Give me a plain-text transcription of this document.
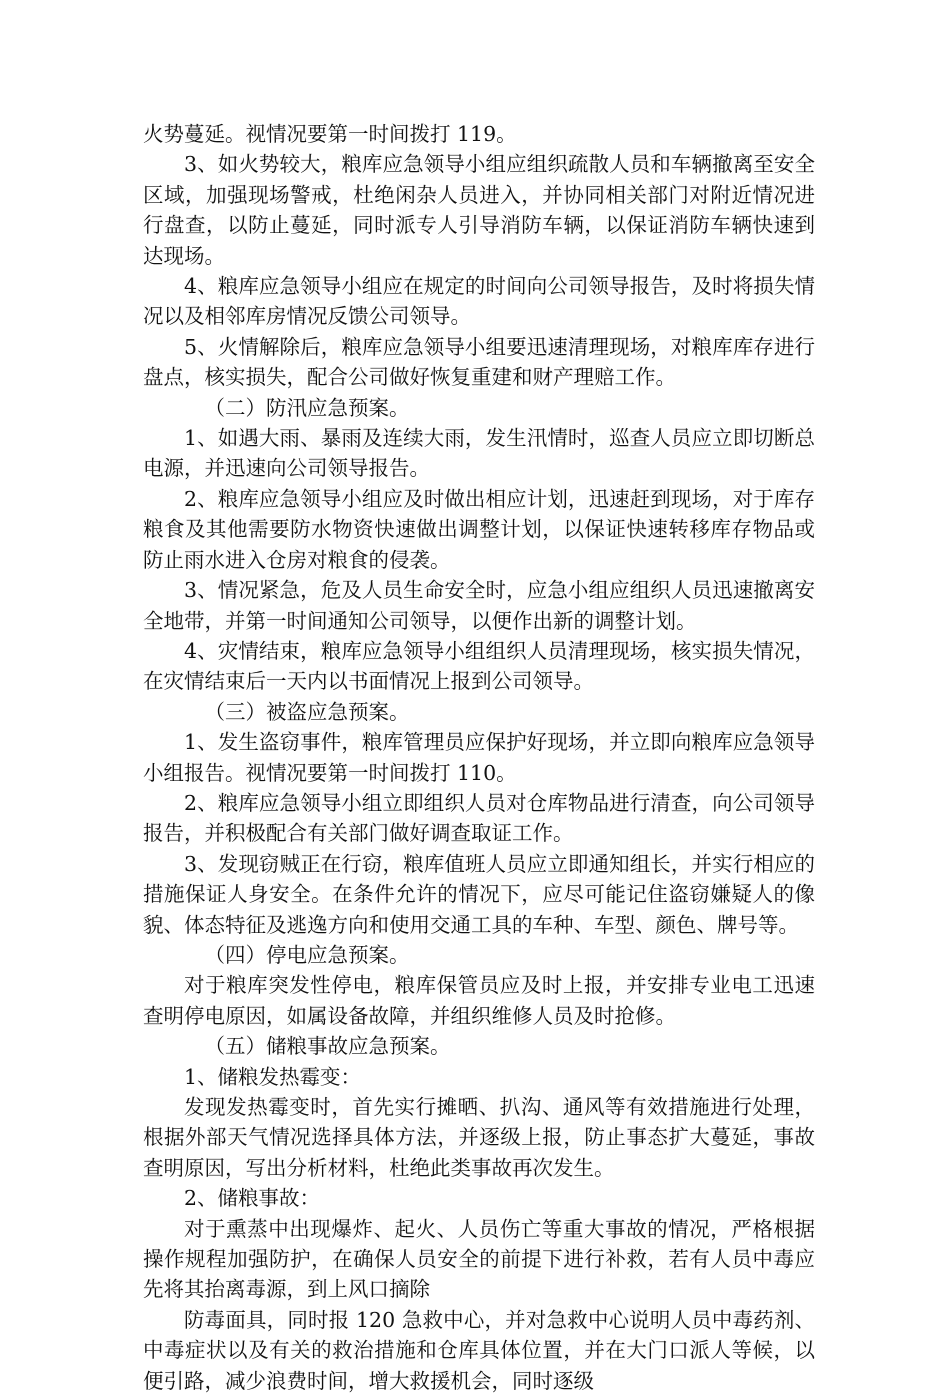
火势蔓延。视情况要第一时间拨打 119。

3、如火势较大，粮库应急领导小组应组织疏散人员和车辆撤离至安全区域，加强现场警戒，杜绝闲杂人员进入，并协同相关部门对附近情况进行盘查，以防止蔓延，同时派专人引导消防车辆，以保证消防车辆快速到达现场。

4、粮库应急领导小组应在规定的时间向公司领导报告，及时将损失情况以及相邻库房情况反馈公司领导。

5、火情解除后，粮库应急领导小组要迅速清理现场，对粮库库存进行盘点，核实损失，配合公司做好恢复重建和财产理赔工作。

（二）防汛应急预案。

1、如遇大雨、暴雨及连续大雨，发生汛情时，巡查人员应立即切断总电源，并迅速向公司领导报告。

2、粮库应急领导小组应及时做出相应计划，迅速赶到现场，对于库存粮食及其他需要防水物资快速做出调整计划，以保证快速转移库存物品或防止雨水进入仓房对粮食的侵袭。

3、情况紧急，危及人员生命安全时，应急小组应组织人员迅速撤离安全地带，并第一时间通知公司领导，以便作出新的调整计划。

4、灾情结束，粮库应急领导小组组织人员清理现场，核实损失情况，在灾情结束后一天内以书面情况上报到公司领导。

（三）被盗应急预案。

1、发生盗窃事件，粮库管理员应保护好现场，并立即向粮库应急领导小组报告。视情况要第一时间拨打 110。

2、粮库应急领导小组立即组织人员对仓库物品进行清查，向公司领导报告，并积极配合有关部门做好调查取证工作。

3、发现窃贼正在行窃，粮库值班人员应立即通知组长，并实行相应的措施保证人身安全。在条件允许的情况下，应尽可能记住盗窃嫌疑人的像貌、体态特征及逃逸方向和使用交通工具的车种、车型、颜色、牌号等。

（四）停电应急预案。

对于粮库突发性停电，粮库保管员应及时上报，并安排专业电工迅速查明停电原因，如属设备故障，并组织维修人员及时抢修。

（五）储粮事故应急预案。

1、储粮发热霉变：

发现发热霉变时，首先实行摊晒、扒沟、通风等有效措施进行处理，根据外部天气情况选择具体方法，并逐级上报，防止事态扩大蔓延，事故查明原因，写出分析材料，杜绝此类事故再次发生。

2、储粮事故：

对于熏蒸中出现爆炸、起火、人员伤亡等重大事故的情况，严格根据操作规程加强防护，在确保人员安全的前提下进行补救，若有人员中毒应先将其抬离毒源，到上风口摘除

防毒面具，同时报 120 急救中心，并对急救中心说明人员中毒药剂、中毒症状以及有关的救治措施和仓库具体位置，并在大门口派人等候，以便引路，减少浪费时间，增大救援机会，同时逐级
